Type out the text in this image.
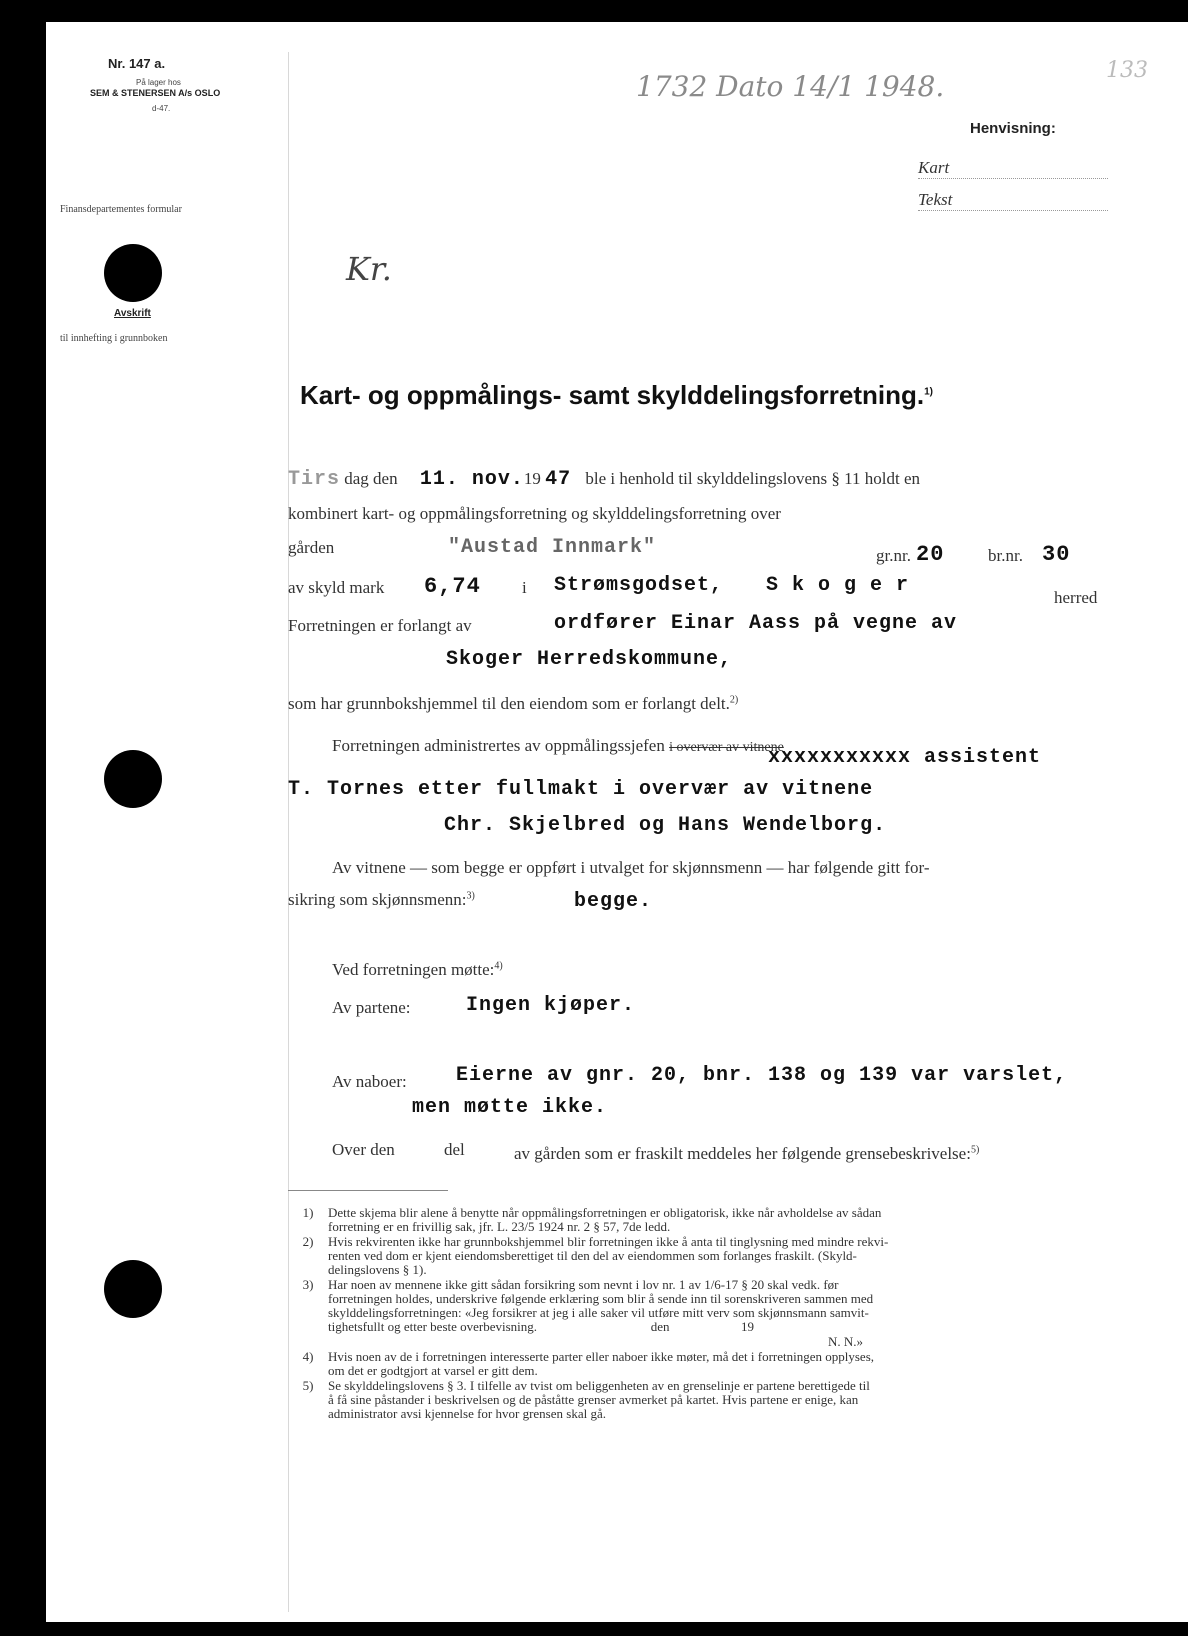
Nr. 147 a.
På lager hos
SEM & STENERSEN A/s OSLO
d-47.
Finansdepartementes formular
Avskrift
til innhefting i grunnboken
1732 Dato 14/1 1948.	133
Henvisning:
Kart
Tekst
Kr.
Kart- og oppmålings- samt skylddelingsforretning.$^{1)}$
Tirs dag den 11. nov.19 47 ble i henhold til skylddelingslovens § 11 holdt en
kombinert kart- og oppmålingsforretning og skylddelingsforretning over
gården	"Austad Innmark"	gr.nr. 20	br.nr. 30
av skyld mark 6,74 i Strømsgodset, S k o g e r
herred
Forretningen er forlangt av	ordfører Einar Aass på vegne av
Skoger Herredskommune,
som har grunnbokshjemmel til den eiendom som er forlangt delt.$^{2)}$
Forretningen administrertes av oppmålingssjefen i overvær av vitnene
xxxxxxxxxxx assistent
T. Tornes etter fullmakt i overvær av vitnene
Chr. Skjelbred og Hans Wendelborg.
Av vitnene — som begge er oppført i utvalget for skjønnsmenn — har følgende gitt for-
sikring som skjønnsmenn:$^{3)}$	begge.
Ved forretningen møtte:$^{4)}$
Av partene:	Ingen kjøper.
Av naboer: Eierne av gnr. 20, bnr. 138 og 139 var varslet,
men møtte ikke.
Over den	del	av gården som er fraskilt meddeles her følgende grensebeskrivelse:$^{5)}$
1)	Dette skjema blir alene å benytte når oppmålingsforretningen er obligatorisk, ikke når avholdelse av sådan
forretning er en frivillig sak, jfr. L. 23/5 1924 nr. 2 § 57, 7de ledd.
2)	Hvis rekvirenten ikke har grunnbokshjemmel blir forretningen ikke å anta til tinglysning med mindre rekvi-
renten ved dom er kjent eiendomsberettiget til den del av eiendommen som forlanges fraskilt. (Skyld-
delingslovens § 1).
3)	Har noen av mennene ikke gitt sådan forsikring som nevnt i lov nr. 1 av 1/6-17 § 20 skal vedk. før
forretningen holdes, underskrive følgende erklæring som blir å sende inn til sorenskriveren sammen med
skylddelingsforretningen: «Jeg forsikrer at jeg i alle saker vil utføre mitt verv som skjønnsmann samvit-
tighetsfullt og etter beste overbevisning.                                   den                      19
N. N.»
4)	Hvis noen av de i forretningen interesserte parter eller naboer ikke møter, må det i forretningen opplyses,
om det er godtgjort at varsel er gitt dem.
5)	Se skylddelingslovens § 3. I tilfelle av tvist om beliggenheten av en grenselinje er partene berettigede til
å få sine påstander i beskrivelsen og de påståtte grenser avmerket på kartet. Hvis partene er enige, kan
administrator avsi kjennelse for hvor grensen skal gå.
